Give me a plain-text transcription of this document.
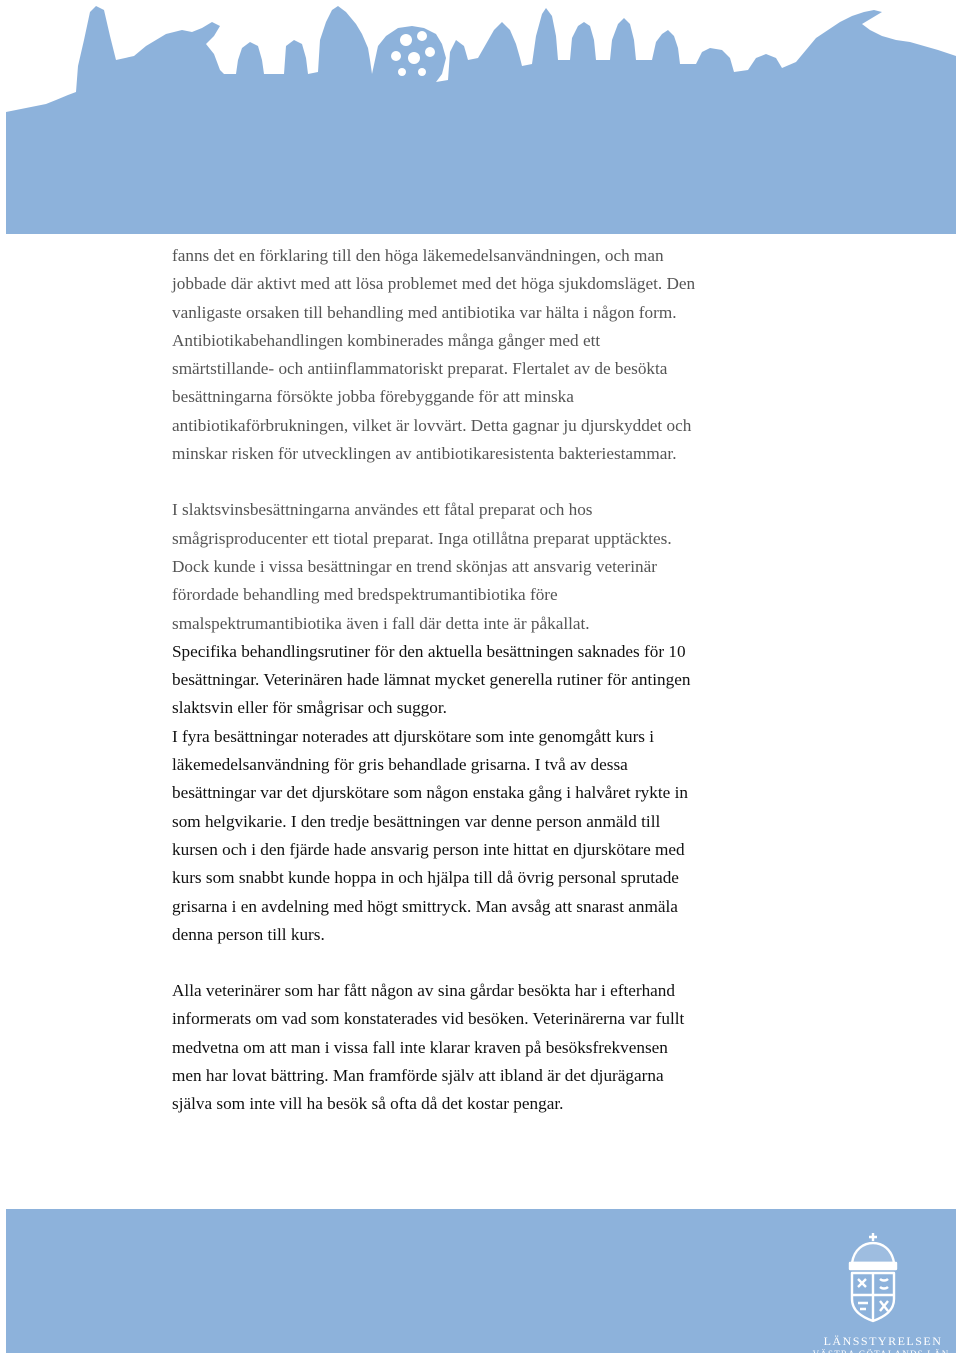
fanns det en förklaring till den höga läkemedelsanvändningen, och man
jobbade där aktivt med att lösa problemet med det höga sjukdomsläget. Den
vanligaste orsaken till behandling med antibiotika var hälta i någon form.
Antibiotikabehandlingen kombinerades många gånger med ett
smärtstillande- och antiinflammatoriskt preparat. Flertalet av de besökta
besättningarna försökte jobba förebyggande för att minska
antibiotikaförbrukningen, vilket är lovvärt. Detta gagnar ju djurskyddet och
minskar risken för utvecklingen av antibiotikaresistenta bakteriestammar.
I slaktsvinsbesättningarna användes ett fåtal preparat och hos
smågrisproducenter ett tiotal preparat. Inga otillåtna preparat upptäcktes.
Dock kunde i vissa besättningar en trend skönjas att ansvarig veterinär
förordade behandling med bredspektrumantibiotika före
smalspektrumantibiotika även i fall där detta inte är påkallat.
Specifika behandlingsrutiner för den aktuella besättningen saknades för 10
besättningar. Veterinären hade lämnat mycket generella rutiner för antingen
slaktsvin eller för smågrisar och suggor.
I fyra besättningar noterades att djurskötare som inte genomgått kurs i
läkemedelsanvändning för gris behandlade grisarna. I två av dessa
besättningar var det djurskötare som någon enstaka gång i halvåret rykte in
som helgvikarie. I den tredje besättningen var denne person anmäld till
kursen och i den fjärde hade ansvarig person inte hittat en djurskötare med
kurs som snabbt kunde hoppa in och hjälpa till då övrig personal sprutade
grisarna i en avdelning med högt smittryck. Man avsåg att snarast anmäla
denna person till kurs.
Alla veterinärer som har fått någon av sina gårdar besökta har i efterhand
informerats om vad som konstaterades vid besöken. Veterinärerna var fullt
medvetna om att man i vissa fall inte klarar kraven på besöksfrekvensen
men har lovat bättring. Man framförde själv att ibland är det djurägarna
själva som inte vill ha besök så ofta då det kostar pengar.
LÄNSSTYRELSEN
VÄSTRA GÖTALANDS LÄN
